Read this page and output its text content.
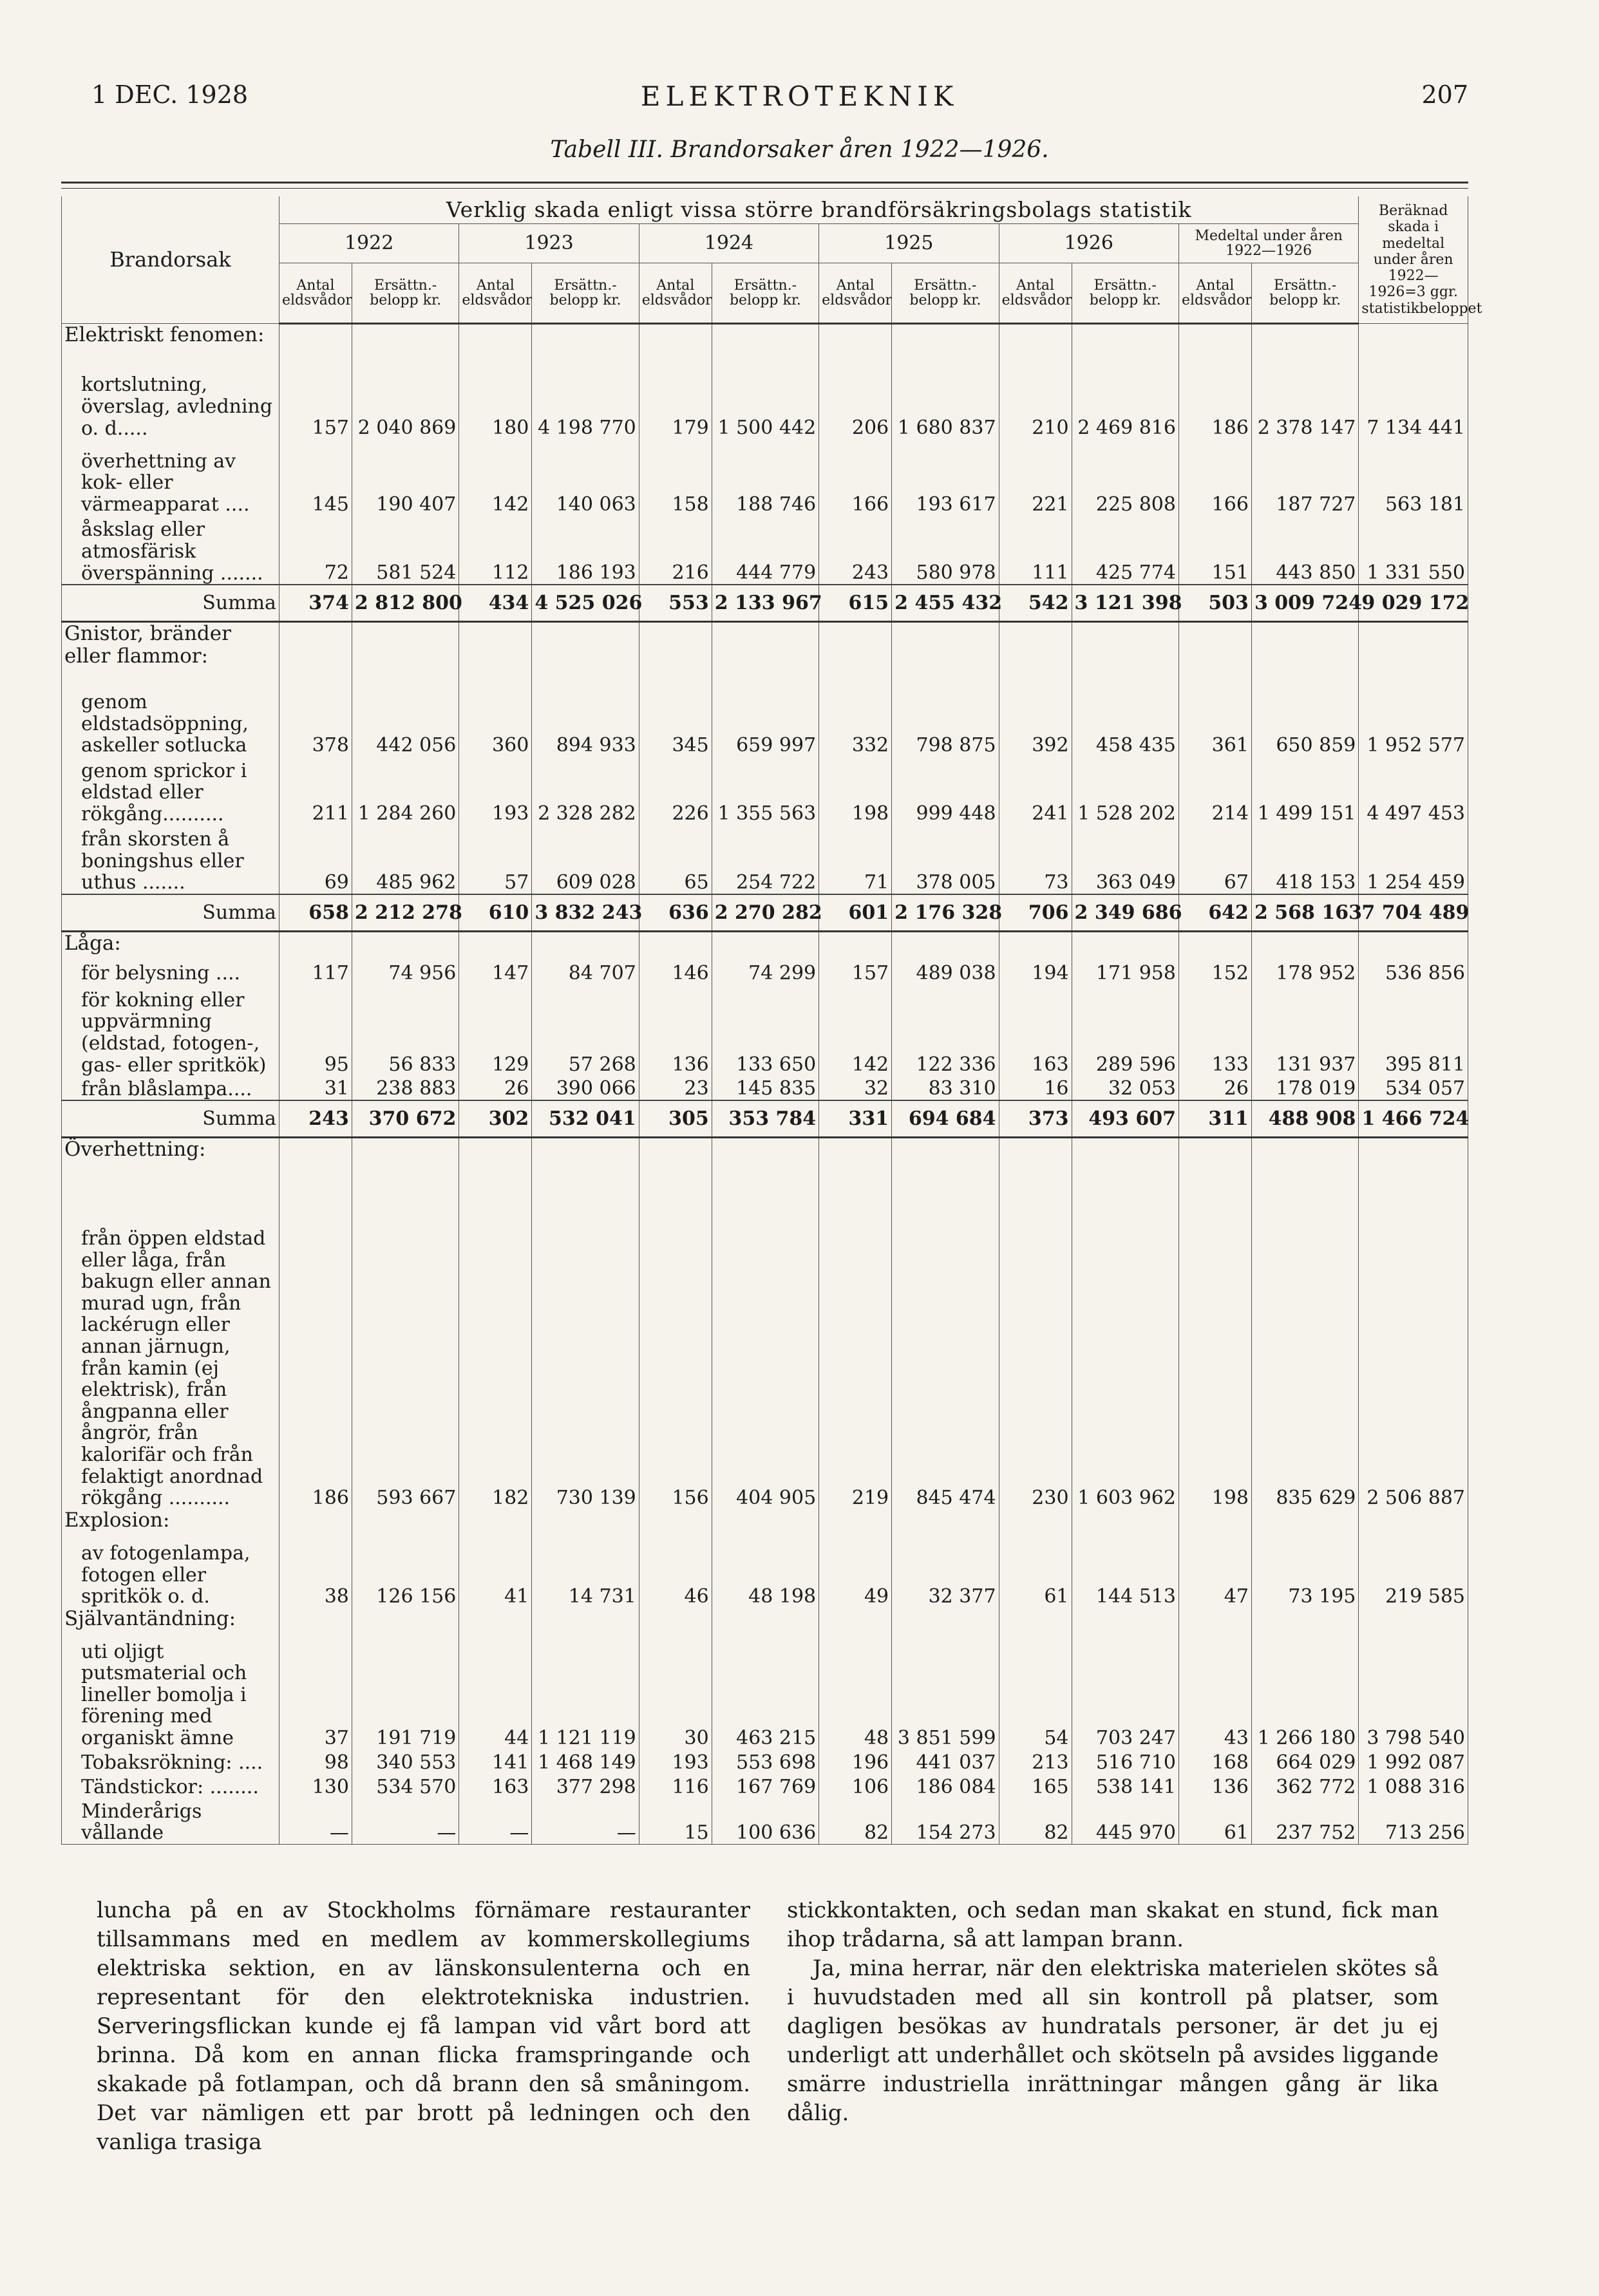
1 DEC. 1928	ELEKTROTEKNIK	207
Tabell III. Brandorsaker åren 1922—1926.
Brandorsak	Verklig skada enligt vissa större brandförsäkringsbolags statistik												Beräknad skada i medeltal under åren 1922—1926=3 ggr. statistikbeloppet
	1922		1923		1924		1925		1926		Medeltal under åren 1922—1926		
	Antal eldsvådor	Ersättn.-belopp kr.	Antal eldsvådor	Ersättn.-belopp kr.	Antal eldsvådor	Ersättn.-belopp kr.	Antal eldsvådor	Ersättn.-belopp kr.	Antal eldsvådor	Ersättn.-belopp kr.	Antal eldsvådor	Ersättn.-belopp kr.	
Elektriskt fenomen:													
kortslutning, överslag, avledning o. d.....	157	2 040 869	180	4 198 770	179	1 500 442	206	1 680 837	210	2 469 816	186	2 378 147	7 134 441
överhettning av kok- eller värmeapparat ....	145	190 407	142	140 063	158	188 746	166	193 617	221	225 808	166	187 727	563 181
åskslag eller atmosfärisk överspänning .......	72	581 524	112	186 193	216	444 779	243	580 978	111	425 774	151	443 850	1 331 550
Summa	374	2 812 800	434	4 525 026	553	2 133 967	615	2 455 432	542	3 121 398	503	3 009 724	9 029 172
Gnistor, bränder eller flammor:													
genom eldstadsöppning, askeller sotlucka	378	442 056	360	894 933	345	659 997	332	798 875	392	458 435	361	650 859	1 952 577
genom sprickor i eldstad eller rökgång..........	211	1 284 260	193	2 328 282	226	1 355 563	198	999 448	241	1 528 202	214	1 499 151	4 497 453
från skorsten å boningshus eller uthus .......	69	485 962	57	609 028	65	254 722	71	378 005	73	363 049	67	418 153	1 254 459
Summa	658	2 212 278	610	3 832 243	636	2 270 282	601	2 176 328	706	2 349 686	642	2 568 163	7 704 489
Låga:													
för belysning ....	117	74 956	147	84 707	146	74 299	157	489 038	194	171 958	152	178 952	536 856
för kokning eller uppvärmning (eldstad, fotogen-, gas- eller spritkök)	95	56 833	129	57 268	136	133 650	142	122 336	163	289 596	133	131 937	395 811
från blåslampa....	31	238 883	26	390 066	23	145 835	32	83 310	16	32 053	26	178 019	534 057
Summa	243	370 672	302	532 041	305	353 784	331	694 684	373	493 607	311	488 908	1 466 724
Överhettning:													
från öppen eldstad eller låga, från bakugn eller annan murad ugn, från lackérugn eller annan järnugn, från kamin (ej elektrisk), från ångpanna eller ångrör, från kalorifär och från felaktigt anordnad rökgång ..........	186	593 667	182	730 139	156	404 905	219	845 474	230	1 603 962	198	835 629	2 506 887
Explosion:													
av fotogenlampa, fotogen eller spritkök o. d.	38	126 156	41	14 731	46	48 198	49	32 377	61	144 513	47	73 195	219 585
Självantändning:													
uti oljigt putsmaterial och lineller bomolja i förening med organiskt ämne	37	191 719	44	1 121 119	30	463 215	48	3 851 599	54	703 247	43	1 266 180	3 798 540
Tobaksrökning: ....	98	340 553	141	1 468 149	193	553 698	196	441 037	213	516 710	168	664 029	1 992 087
Tändstickor: ........	130	534 570	163	377 298	116	167 769	106	186 084	165	538 141	136	362 772	1 088 316
Minderårigs vållande	—	—	—	—	15	100 636	82	154 273	82	445 970	61	237 752	713 256

luncha på en av Stockholms förnämare restauranter tillsammans med en medlem av kommerskollegiums elektriska sektion, en av länskonsulenterna och en representant för den elektrotekniska industrien. Serveringsflickan kunde ej få lampan vid vårt bord att brinna. Då kom en annan flicka framspringande och skakade på fotlampan, och då brann den så småningom. Det var nämligen ett par brott på ledningen och den vanliga trasiga

stickkontakten, och sedan man skakat en stund, fick man ihop trådarna, så att lampan brann.

Ja, mina herrar, när den elektriska materielen skötes så i huvudstaden med all sin kontroll på platser, som dagligen besökas av hundratals personer, är det ju ej underligt att underhållet och skötseln på avsides liggande smärre industriella inrättningar mången gång är lika dålig.
